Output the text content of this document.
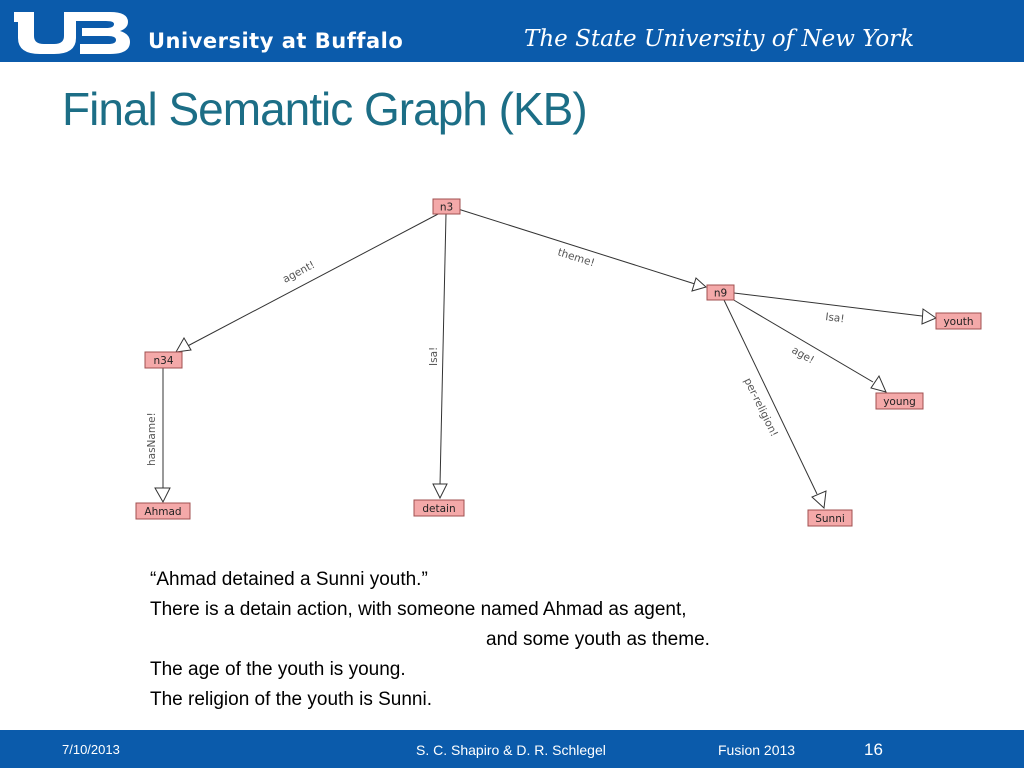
University at Buffalo	The State University of New York
Final Semantic Graph (KB)
agent!
Isa!
theme!
hasName!
Isa!
age!
per-religion!
n3
n34
n9
Ahmad	detain
youth
young
Sunni
“Ahmad detained a Sunni youth.”
There is a detain action, with someone named Ahmad as agent,
and some youth as theme.
The age of the youth is young.
The religion of the youth is Sunni.
7/10/2013	S. C. Shapiro & D. R. Schlegel	Fusion 2013	16
